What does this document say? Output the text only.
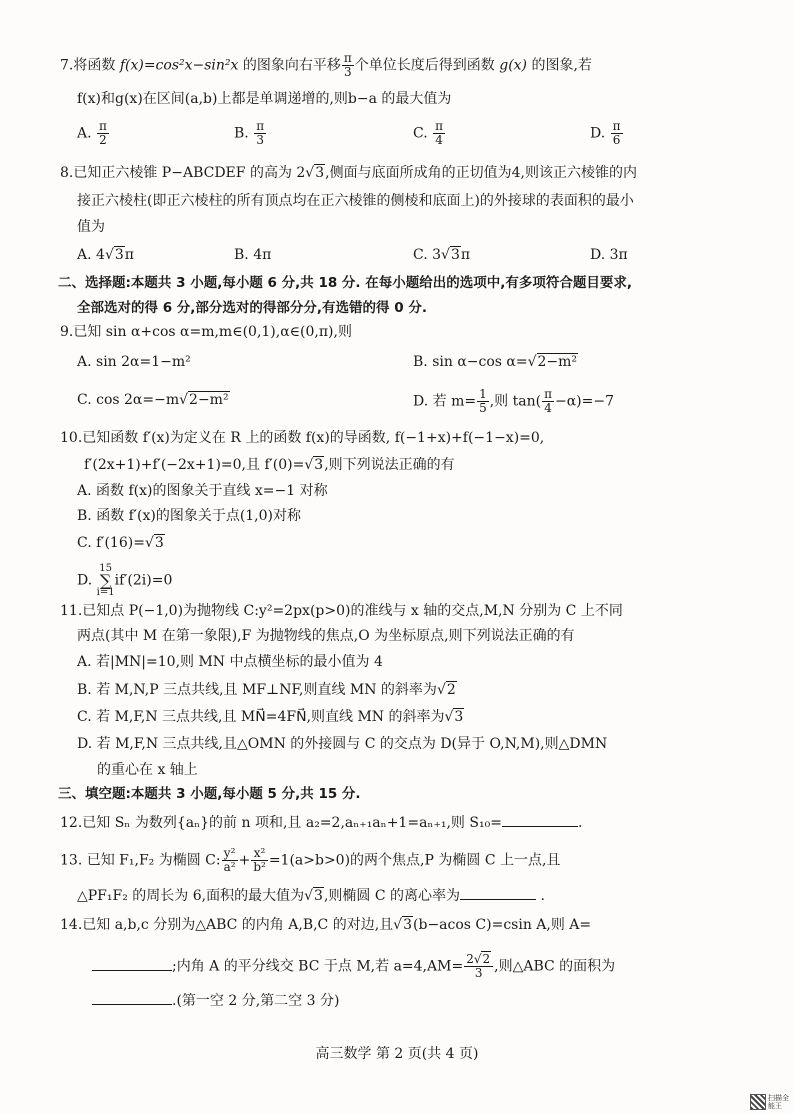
7.将函数 f(x)=cos²x−sin²x 的图象向右平移 $\frac{\pi}{3}$ 个单位长度后得到函数 g(x) 的图象,若
f(x)和g(x)在区间(a,b)上都是单调递增的,则b−a 的最大值为
A. $\frac{\pi}{2}$	B. $\frac{\pi}{3}$	C. $\frac{\pi}{4}$	D. $\frac{\pi}{6}$
8.已知正六棱锥 P−ABCDEF 的高为 2√3,侧面与底面所成角的正切值为4,则该正六棱锥的内
接正六棱柱(即正六棱柱的所有顶点均在正六棱锥的侧棱和底面上)的外接球的表面积的最小
值为
A. 4√3π	B. 4π	C. 3√3π	D. 3π
二、选择题:本题共 3 小题,每小题 6 分,共 18 分. 在每小题给出的选项中,有多项符合题目要求,
全部选对的得 6 分,部分选对的得部分分,有选错的得 0 分.
9.已知 sin α+cos α=m,m∈(0,1),α∈(0,π),则
A. sin 2α=1−m²	B. sin α−cos α=√2−m²
C. cos 2α=−m√2−m²	D. 若 $m= \frac{1}{5}$ ,则 $\tan( \frac{\pi}{4} -\alpha)=-7$
10.已知函数 f′(x)为定义在 R 上的函数 f(x)的导函数, f(−1+x)+f(−1−x)=0,
f′(2x+1)+f′(−2x+1)=0,且 f′(0)=√3,则下列说法正确的有
A. 函数 f(x)的图象关于直线 x=−1 对称
B. 函数 f′(x)的图象关于点(1,0)对称
C. f′(16)=√3
D. 15
∑
i=1if′(2i)=0
11.已知点 P(−1,0)为抛物线 C:y²=2px(p>0)的准线与 x 轴的交点,M,N 分别为 C 上不同
两点(其中 M 在第一象限),F 为抛物线的焦点,O 为坐标原点,则下列说法正确的有
A. 若|MN|=10,则 MN 中点横坐标的最小值为 4
B. 若 M,N,P 三点共线,且 MF⊥NF,则直线 MN 的斜率为√2
C. 若 M,F,N 三点共线,且 MN⃗=4FN⃗,则直线 MN 的斜率为√3
D. 若 M,F,N 三点共线,且△OMN 的外接圆与 C 的交点为 D(异于 O,N,M),则△DMN
的重心在 x 轴上
三、填空题:本题共 3 小题,每小题 5 分,共 15 分.
12.已知 Sₙ 为数列{aₙ}的前 n 项和,且 a₂=2,aₙ₊₁aₙ+1=aₙ₊₁,则 S₁₀=	.
13. 已知 F₁,F₂ 为椭圆 C: $\frac{\text{y²}}{\text{a²}} + \frac{\text{x²}}{\text{b²}} =1(a>b>0)$的两个焦点,P 为椭圆 C 上一点,且
△PF₁F₂ 的周长为 6,面积的最大值为√3,则椭圆 C 的离心率为	.
14.已知 a,b,c 分别为△ABC 的内角 A,B,C 的对边,且√3(b−acos C)=csin A,则 A=
;内角 A 的平分线交 BC 于点 M,若 $a=4,AM= \frac{2√2}{3}$ ,则△ABC 的面积为
.(第一空 2 分,第二空 3 分)
高三数学 第 2 页(共 4 页)
扫描全能王
